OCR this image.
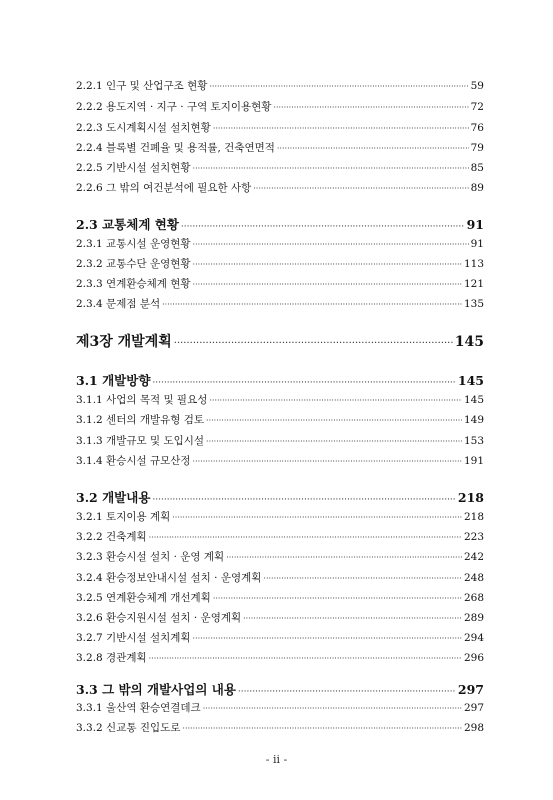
2.2.1 인구 및 산업구조 현황 ·····	59
2.2.2 용도지역 · 지구 · 구역 토지이용현황 ·····	72
2.2.3 도시계획시설 설치현황 ·····	76
2.2.4 블록별 건폐율 및 용적률, 건축연면적 ·····	79
2.2.5 기반시설 설치현황 ·····	85
2.2.6 그 밖의 여건분석에 필요한 사항 ·····	89
2.3 교통체계 현황 ·····	91
2.3.1 교통시설 운영현황 ·····	91
2.3.2 교통수단 운영현황 ·····	113
2.3.3 연계환승체계 현황 ·····	121
2.3.4 문제점 분석 ·····	135
제3장 개발계획 ·····	145
3.1 개발방향 ·····	145
3.1.1 사업의 목적 및 필요성 ·····	145
3.1.2 센터의 개발유형 검토 ·····	149
3.1.3 개발규모 및 도입시설 ·····	153
3.1.4 환승시설 규모산정 ·····	191
3.2 개발내용 ·····	218
3.2.1 토지이용 계획 ·····	218
3.2.2 건축계획 ·····	223
3.2.3 환승시설 설치 · 운영 계획 ·····	242
3.2.4 환승정보안내시설 설치 · 운영계획 ·····	248
3.2.5 연계환승체계 개선계획 ·····	268
3.2.6 환승지원시설 설치 · 운영계획 ·····	289
3.2.7 기반시설 설치계획 ·····	294
3.2.8 경관계획 ·····	296
3.3 그 밖의 개발사업의 내용 ·····	297
3.3.1 울산역 환승연결데크 ·····	297
3.3.2 신교통 진입도로 ·····	298
- ii -
